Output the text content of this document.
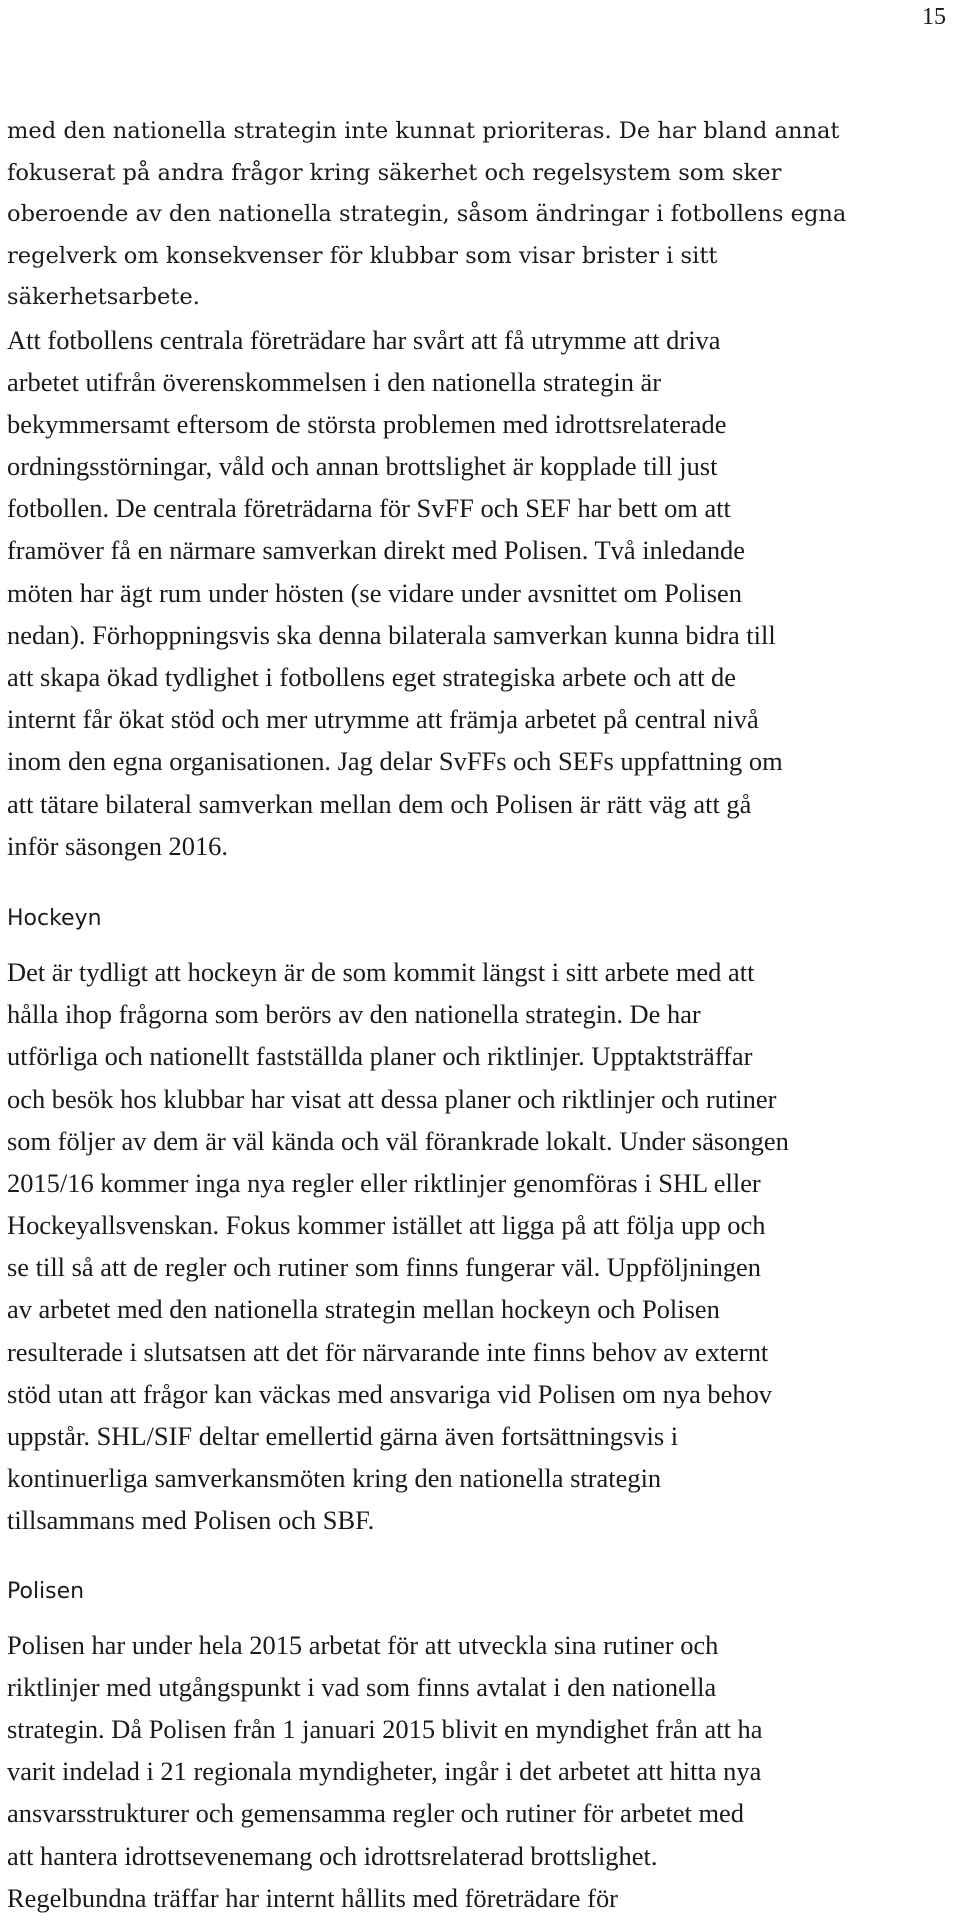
15

med den nationella strategin inte kunnat prioriteras. De har bland annat
fokuserat på andra frågor kring säkerhet och regelsystem som sker
oberoende av den nationella strategin, såsom ändringar i fotbollens egna
regelverk om konsekvenser för klubbar som visar brister i sitt
säkerhetsarbete.

Att fotbollens centrala företrädare har svårt att få utrymme att driva
arbetet utifrån överenskommelsen i den nationella strategin är
bekymmersamt eftersom de största problemen med idrottsrelaterade
ordningsstörningar, våld och annan brottslighet är kopplade till just
fotbollen. De centrala företrädarna för SvFF och SEF har bett om att
framöver få en närmare samverkan direkt med Polisen. Två inledande
möten har ägt rum under hösten (se vidare under avsnittet om Polisen
nedan). Förhoppningsvis ska denna bilaterala samverkan kunna bidra till
att skapa ökad tydlighet i fotbollens eget strategiska arbete och att de
internt får ökat stöd och mer utrymme att främja arbetet på central nivå
inom den egna organisationen. Jag delar SvFFs och SEFs uppfattning om
att tätare bilateral samverkan mellan dem och Polisen är rätt väg att gå
inför säsongen 2016.

Hockeyn

Det är tydligt att hockeyn är de som kommit längst i sitt arbete med att
hålla ihop frågorna som berörs av den nationella strategin. De har
utförliga och nationellt fastställda planer och riktlinjer. Upptaktsträffar
och besök hos klubbar har visat att dessa planer och riktlinjer och rutiner
som följer av dem är väl kända och väl förankrade lokalt. Under säsongen
2015/16 kommer inga nya regler eller riktlinjer genomföras i SHL eller
Hockeyallsvenskan. Fokus kommer istället att ligga på att följa upp och
se till så att de regler och rutiner som finns fungerar väl. Uppföljningen
av arbetet med den nationella strategin mellan hockeyn och Polisen
resulterade i slutsatsen att det för närvarande inte finns behov av externt
stöd utan att frågor kan väckas med ansvariga vid Polisen om nya behov
uppstår. SHL/SIF deltar emellertid gärna även fortsättningsvis i
kontinuerliga samverkansmöten kring den nationella strategin
tillsammans med Polisen och SBF.

Polisen

Polisen har under hela 2015 arbetat för att utveckla sina rutiner och
riktlinjer med utgångspunkt i vad som finns avtalat i den nationella
strategin. Då Polisen från 1 januari 2015 blivit en myndighet från att ha
varit indelad i 21 regionala myndigheter, ingår i det arbetet att hitta nya
ansvarsstrukturer och gemensamma regler och rutiner för arbetet med
att hantera idrottsevenemang och idrottsrelaterad brottslighet.
Regelbundna träffar har internt hållits med företrädare för
